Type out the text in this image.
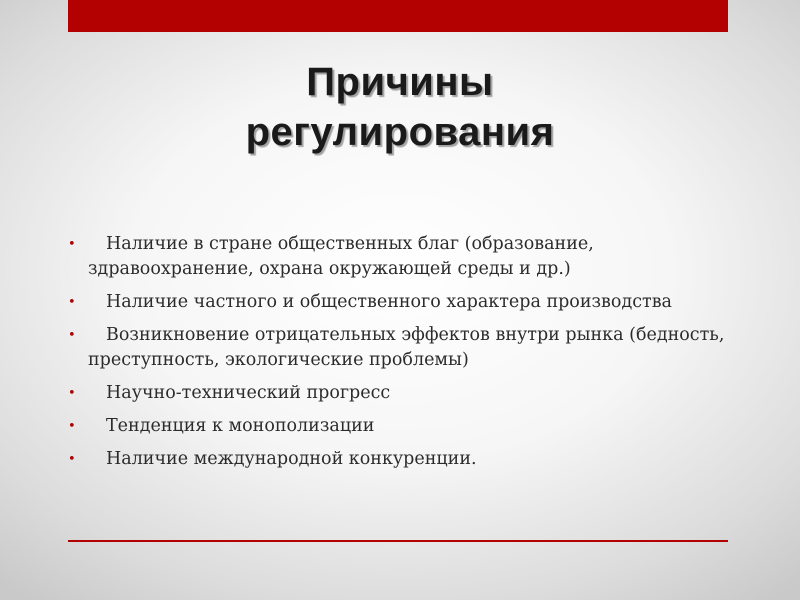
Причины
регулирования
•	Наличие в стране общественных благ (образование, здравоохранение, охрана окружающей среды и др.)
•	Наличие частного и общественного характера производства
•	Возникновение отрицательных эффектов внутри рынка (бедность, преступность, экологические проблемы)
•	Научно-технический прогресс
•	Тенденция к монополизации
•	Наличие международной конкуренции.
